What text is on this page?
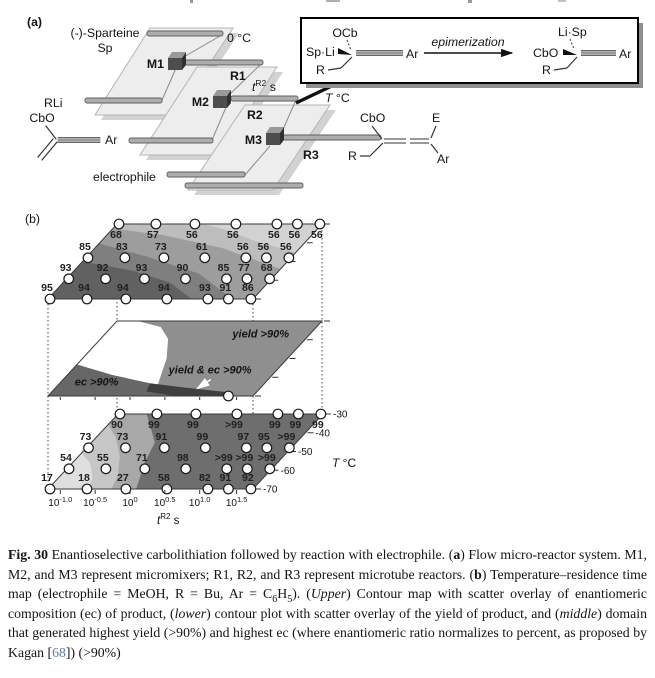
(a)
(-)-Sparteine
Sp
0 °C
RLi
electrophile
M1
M2
M3
R1
R2
R3
$t^{R2}$ s
T °C
CbO
Ar
OCb
Sp·Li
R
Ar
epimerization
Li·Sp
CbO
R
Ar
CbO	E
Ar
R
(b)
68 57	56	56	56 56 56
85 83	73	61	56 56 56
93 92	93	90	85 77 68
95 94	94	94	93 91 86
90 99	99	>99	99 99 99
73 73	91	99	97 95 >99
54 55	71	98	>99 >99 >99
17 18	27	58	82 91 92
yield >90%
ec >90%
yield & ec >90%
$10^{-1.0}$ $10^{-0.5}$ $10^0$ $10^{0.5}$ $10^{1.0}$ $10^{1.5}$
-30
-40
-50
-60
-70
$t^{R2}$ s
T °C

Fig. 30 Enantioselective carbolithiation followed by reaction with electrophile. (a) Flow micro-reactor system. M1, M2, and M3 represent micromixers; R1, R2, and R3 represent microtube reactors. (b) Temperature–residence time map (electrophile = MeOH, R = Bu, $Ar = C_6H_5$). (Upper) Contour map with scatter overlay of enantiomeric composition (ec) of product, (lower) contour plot with scatter overlay of the yield of product, and (middle) domain that generated highest yield (>90%) and highest ec (where enantiomeric ratio normalizes to percent, as proposed by Kagan [68]) (>90%)
